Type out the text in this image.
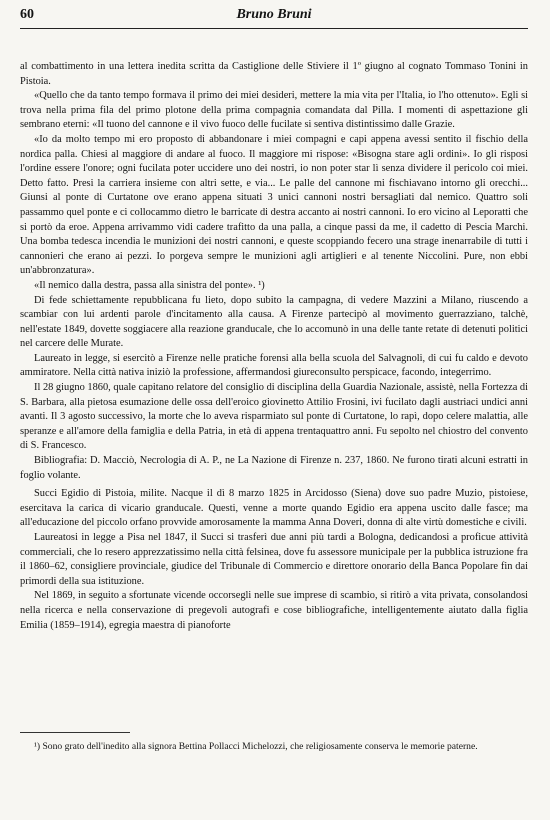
60	Bruno Bruni

al combattimento in una lettera inedita scritta da Castiglione delle Stiviere il 1º giugno al cognato Tommaso Tonini in Pistoia.

«Quello che da tanto tempo formava il primo dei miei desideri, mettere la mia vita per l'Italia, io l'ho ottenuto». Egli si trova nella prima fila del primo plotone della prima compagnia comandata dal Pilla. I momenti di aspettazione gli sembrano eterni: «Il tuono del cannone e il vivo fuoco delle fucilate si sentiva distintissimo dalle Grazie.

«Io da molto tempo mi ero proposto di abbandonare i miei compagni e capi appena avessi sentito il fischio della nordica palla. Chiesi al maggiore di andare al fuoco. Il maggiore mi rispose: «Bisogna stare agli ordini». Io gli risposi l'ordine essere l'onore; ogni fucilata poter uccidere uno dei nostri, io non poter star lì senza dividere il pericolo coi miei. Detto fatto. Presi la carriera insieme con altri sette, e via... Le palle del cannone mi fischiavano intorno gli orecchi... Giunsi al ponte di Curtatone ove erano appena situati 3 unici cannoni nostri bersagliati dal nemico. Quattro soli passammo quel ponte e ci collocammo dietro le barricate di destra accanto ai nostri cannoni. Io ero vicino al Leporatti che si portò da eroe. Appena arrivammo vidi cadere trafitto da una palla, a cinque passi da me, il cadetto di Pescia Marchi. Una bomba tedesca incendia le munizioni dei nostri cannoni, e queste scoppiando fecero una strage inenarrabile di tutti i cannonieri che erano ai pezzi. Io porgeva sempre le munizioni agli artiglieri e al tenente Niccolini. Pure, non ebbi un'abbronzatura».

«Il nemico dalla destra, passa alla sinistra del ponte». ¹)

Di fede schiettamente repubblicana fu lieto, dopo subito la campagna, di vedere Mazzini a Milano, riuscendo a scambiar con lui ardenti parole d'incitamento alla causa. A Firenze partecipò al movimento guerrazziano, talchè, nell'estate 1849, dovette soggiacere alla reazione granducale, che lo accomunò in una delle tante retate di detenuti politici nel carcere delle Murate.

Laureato in legge, si esercitò a Firenze nelle pratiche forensi alla bella scuola del Salvagnoli, di cui fu caldo e devoto ammiratore. Nella città nativa iniziò la professione, affermandosi giureconsulto perspicace, facondo, integerrimo.

Il 28 giugno 1860, quale capitano relatore del consiglio di disciplina della Guardia Nazionale, assistè, nella Fortezza di S. Barbara, alla pietosa esumazione delle ossa dell'eroico giovinetto Attilio Frosini, ivi fucilato dagli austriaci undici anni avanti. Il 3 agosto successivo, la morte che lo aveva risparmiato sul ponte di Curtatone, lo rapì, dopo celere malattia, alle speranze e all'amore della famiglia e della Patria, in età di appena trentaquattro anni. Fu sepolto nel chiostro del convento di S. Francesco.

Bibliografia: D. Macciò, Necrologia di A. P., ne La Nazione di Firenze n. 237, 1860. Ne furono tirati alcuni estratti in foglio volante.

Succi Egidio di Pistoia, milite. Nacque il dì 8 marzo 1825 in Arcidosso (Siena) dove suo padre Muzio, pistoiese, esercitava la carica di vicario granducale. Questi, venne a morte quando Egidio era appena uscito dalle fasce; ma all'educazione del piccolo orfano provvide amorosamente la mamma Anna Doveri, donna di alte virtù domestiche e civili.

Laureatosi in legge a Pisa nel 1847, il Succi si trasferì due anni più tardi a Bologna, dedicandosi a proficue attività commerciali, che lo resero apprezzatissimo nella città felsinea, dove fu assessore municipale per la pubblica istruzione fra il 1860–62, consigliere provinciale, giudice del Tribunale di Commercio e direttore onorario della Banca Popolare fin dai primordi della sua istituzione.

Nel 1869, in seguito a sfortunate vicende occorsegli nelle sue imprese di scambio, si ritirò a vita privata, consolandosi nella ricerca e nella conservazione di pregevoli autografi e cose bibliografiche, intelligentemente aiutato dalla figlia Emilia (1859–1914), egregia maestra di pianoforte

¹) Sono grato dell'inedito alla signora Bettina Pollacci Michelozzi, che religiosamente conserva le memorie paterne.
